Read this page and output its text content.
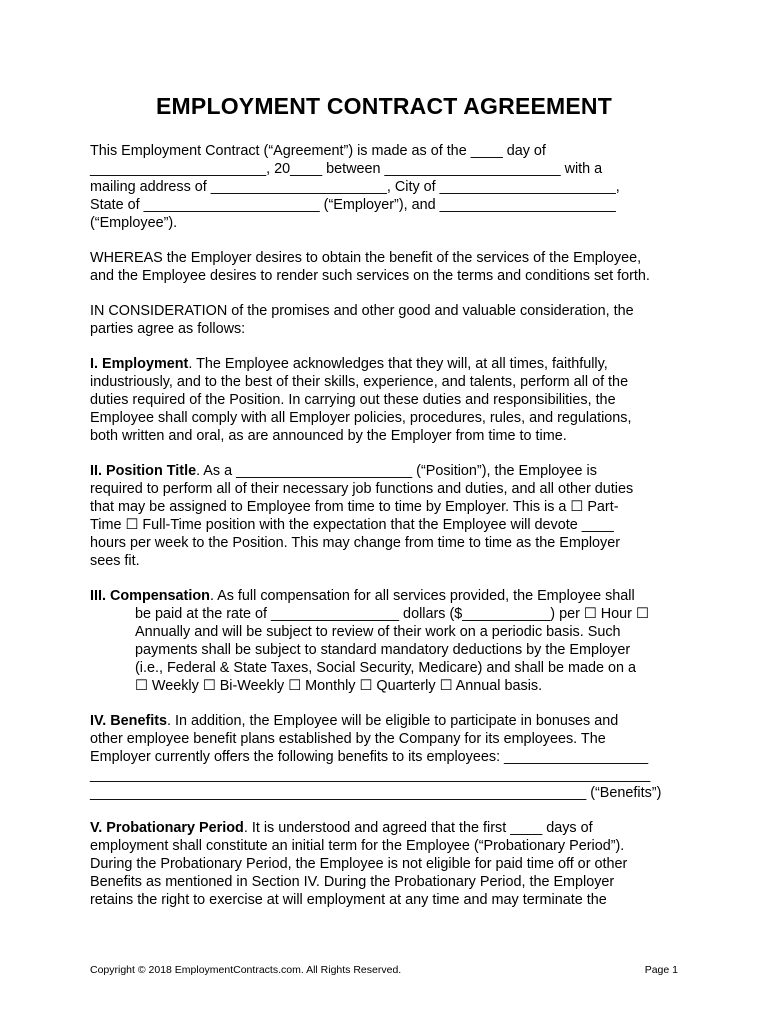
EMPLOYMENT CONTRACT AGREEMENT

This Employment Contract (“Agreement”) is made as of the ____ day of
______________________, 20____ between ______________________ with a
mailing address of ______________________, City of ______________________,
State of ______________________ (“Employer”), and ______________________
(“Employee”).

WHEREAS the Employer desires to obtain the benefit of the services of the Employee,
and the Employee desires to render such services on the terms and conditions set forth.

IN CONSIDERATION of the promises and other good and valuable consideration, the
parties agree as follows:

I. Employment. The Employee acknowledges that they will, at all times, faithfully,
industriously, and to the best of their skills, experience, and talents, perform all of the
duties required of the Position. In carrying out these duties and responsibilities, the
Employee shall comply with all Employer policies, procedures, rules, and regulations,
both written and oral, as are announced by the Employer from time to time.

II. Position Title. As a ______________________ (“Position”), the Employee is
required to perform all of their necessary job functions and duties, and all other duties
that may be assigned to Employee from time to time by Employer. This is a ☐ Part-
Time ☐ Full-Time position with the expectation that the Employee will devote ____
hours per week to the Position. This may change from time to time as the Employer
sees fit.

III. Compensation. As full compensation for all services provided, the Employee shall
be paid at the rate of ________________ dollars ($___________) per ☐ Hour ☐
Annually and will be subject to review of their work on a periodic basis. Such
payments shall be subject to standard mandatory deductions by the Employer
(i.e., Federal & State Taxes, Social Security, Medicare) and shall be made on a
☐ Weekly ☐ Bi-Weekly ☐ Monthly ☐ Quarterly ☐ Annual basis.

IV. Benefits. In addition, the Employee will be eligible to participate in bonuses and
other employee benefit plans established by the Company for its employees. The
Employer currently offers the following benefits to its employees: __________________
______________________________________________________________________
______________________________________________________________ (“Benefits”)

V. Probationary Period. It is understood and agreed that the first ____ days of
employment shall constitute an initial term for the Employee (“Probationary Period”).
During the Probationary Period, the Employee is not eligible for paid time off or other
Benefits as mentioned in Section IV. During the Probationary Period, the Employer
retains the right to exercise at will employment at any time and may terminate the

Copyright © 2018 EmploymentContracts.com. All Rights Reserved.	Page 1
